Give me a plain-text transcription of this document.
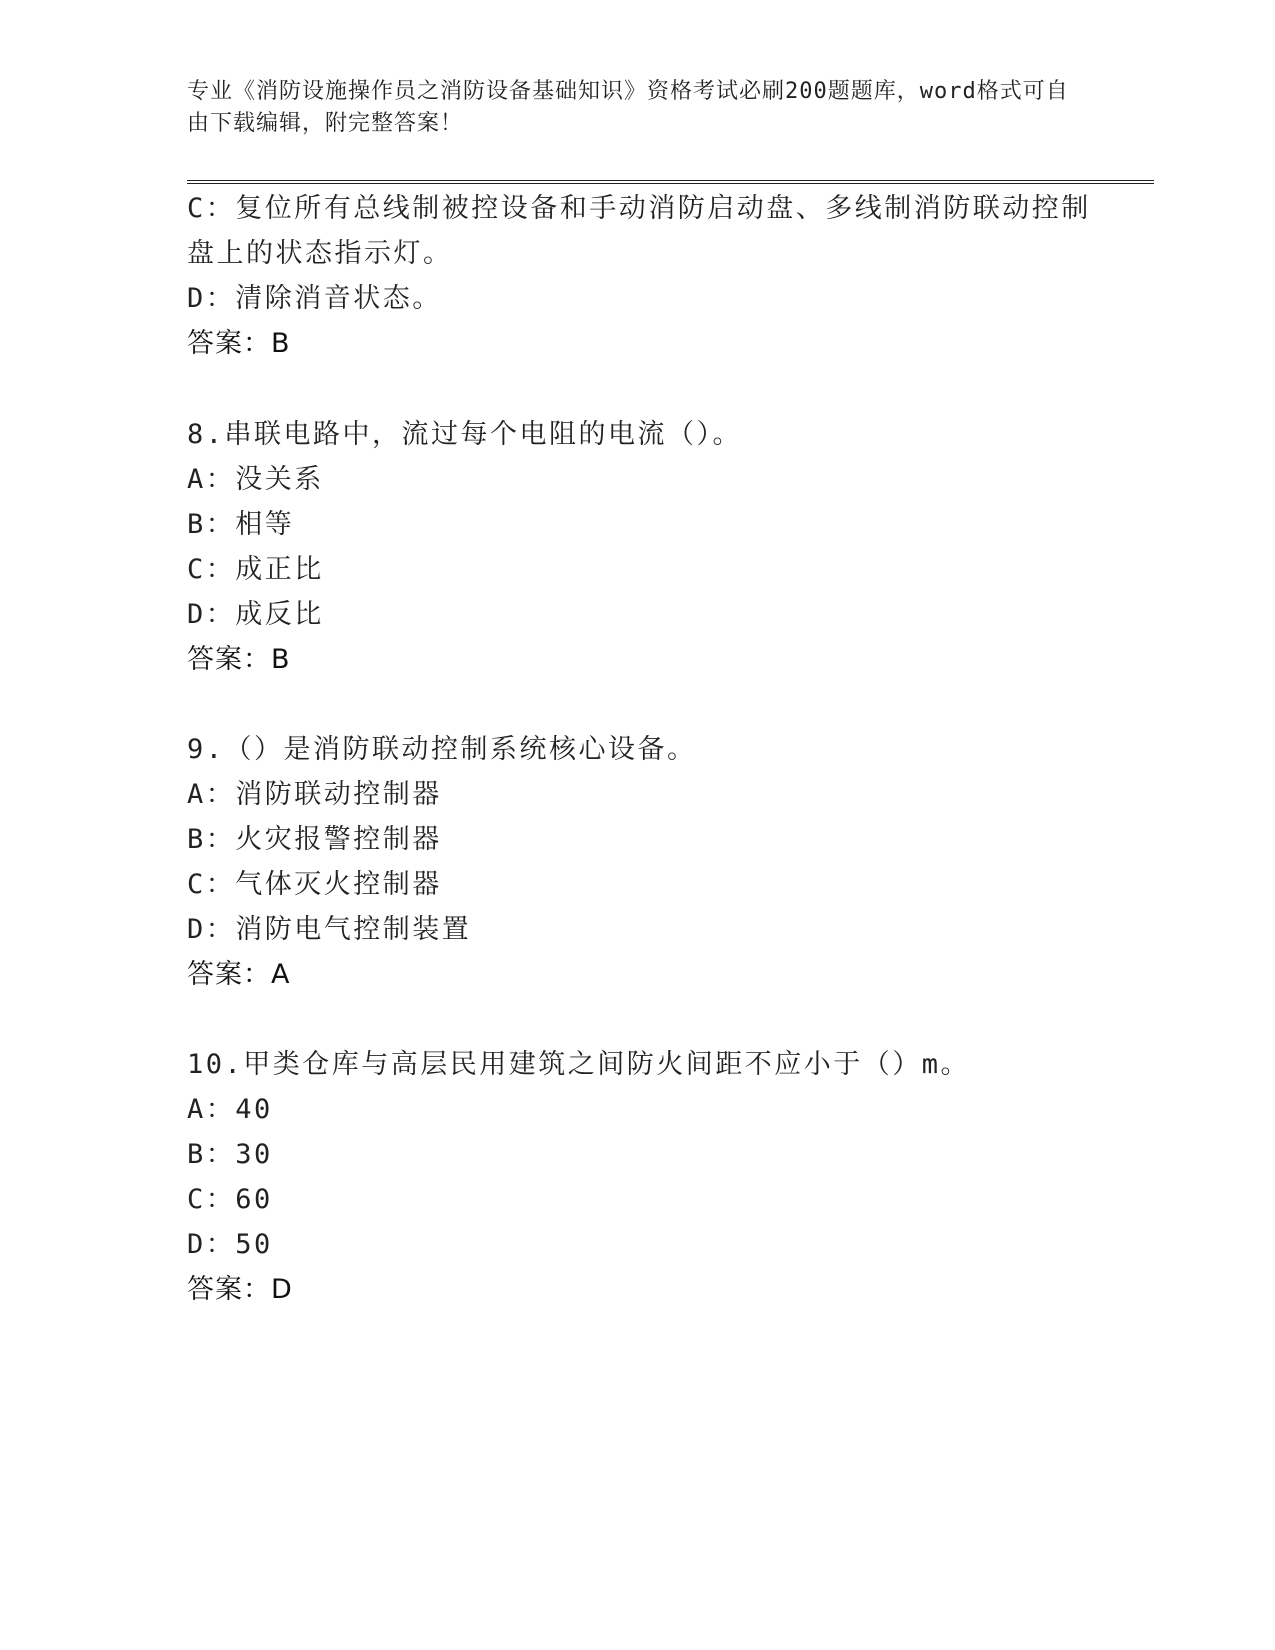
专业《消防设施操作员之消防设备基础知识》资格考试必刷200题题库，word格式可自由下载编辑，附完整答案！
C：复位所有总线制被控设备和手动消防启动盘、多线制消防联动控制
盘上的状态指示灯。
D：清除消音状态。
答案：B
8.串联电路中，流过每个电阻的电流（）。
A：没关系
B：相等
C：成正比
D：成反比
答案：B
9.（）是消防联动控制系统核心设备。
A：消防联动控制器
B：火灾报警控制器
C：气体灭火控制器
D：消防电气控制装置
答案：A
10.甲类仓库与高层民用建筑之间防火间距不应小于（）m。
A：40
B：30
C：60
D：50
答案：D
